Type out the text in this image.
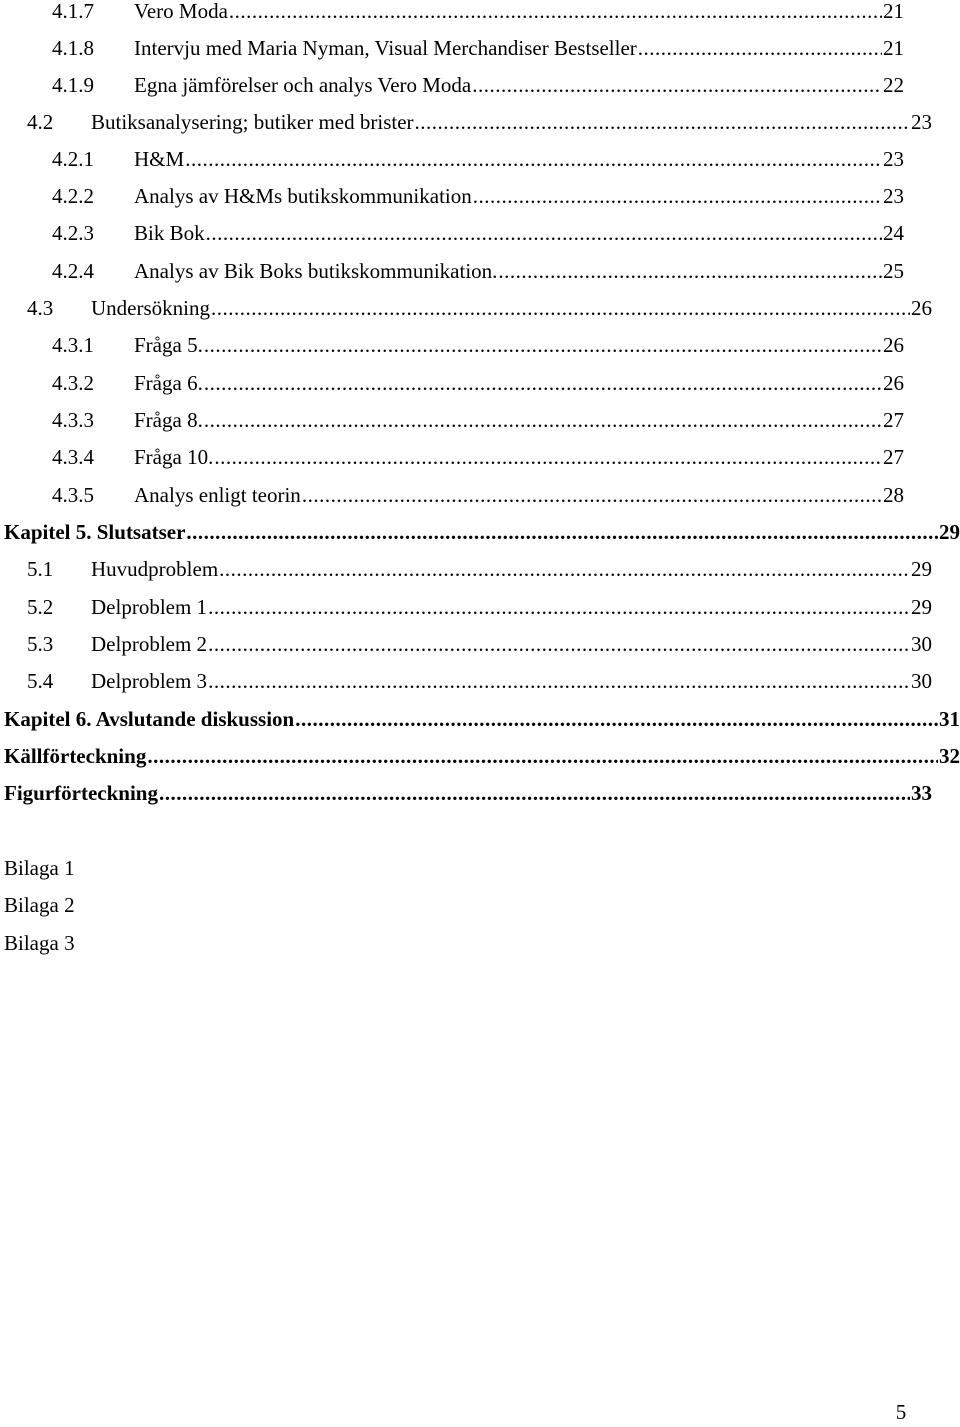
4.1.7	Vero Moda .....	21
4.1.8	Intervju med Maria Nyman, Visual Merchandiser Bestseller .....	21
4.1.9	Egna jämförelser och analys Vero Moda .....	22
4.2	Butiksanalysering; butiker med brister .....	23
4.2.1	H&M .....	23
4.2.2	Analys av H&Ms butikskommunikation .....	23
4.2.3	Bik Bok .....	24
4.2.4	Analys av Bik Boks butikskommunikation. .....	25
4.3	Undersökning .....	26
4.3.1	Fråga 5. .....	26
4.3.2	Fråga 6. .....	26
4.3.3	Fråga 8. .....	27
4.3.4	Fråga 10. .....	27
4.3.5	Analys enligt teorin .....	28
Kapitel 5. Slutsatser .....	29
5.1	Huvudproblem .....	29
5.2	Delproblem 1 .....	29
5.3	Delproblem 2 .....	30
5.4	Delproblem 3 .....	30
Kapitel 6. Avslutande diskussion .....	31
Källförteckning .....	32
Figurförteckning .....	33
Bilaga 1
Bilaga 2
Bilaga 3
5
